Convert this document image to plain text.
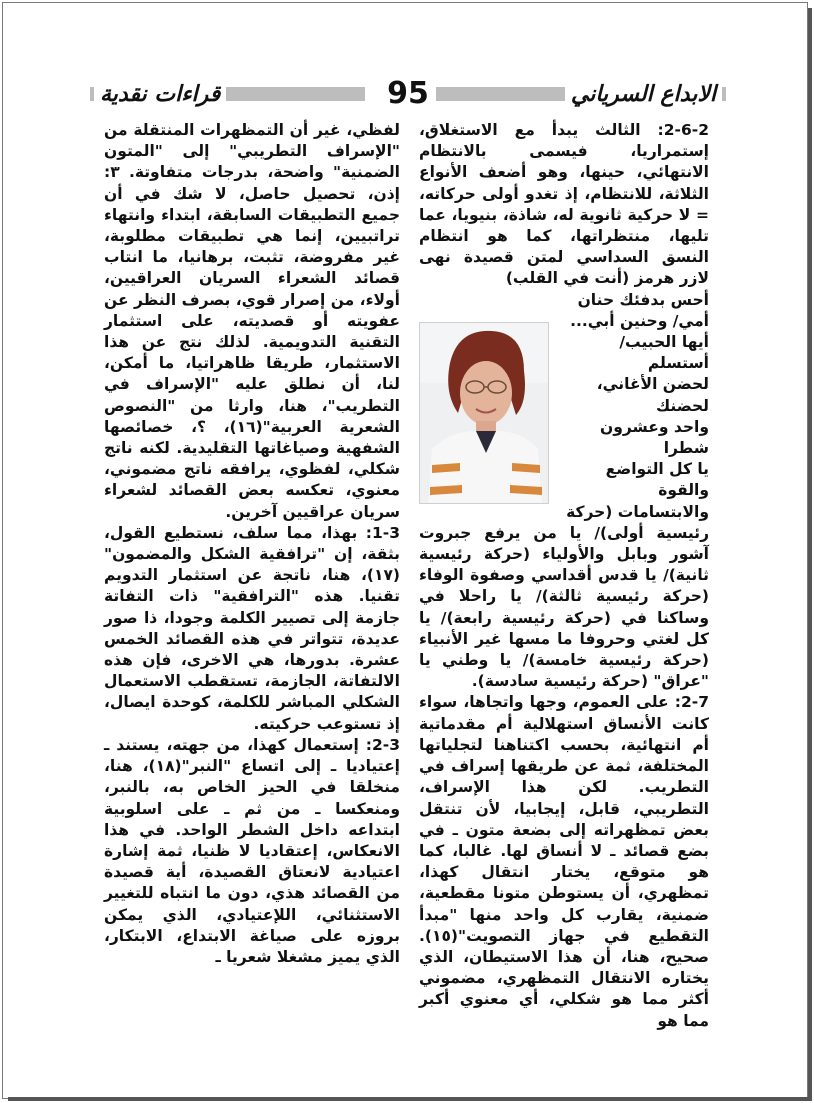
قراءات نقدية	الابداع السرياني
95

2-6-2: الثالث يبدأ مع الاستغلاق، إستمراريا، فيسمى بالانتظام الانتهائي، حينها، وهو أضعف الأنواع الثلاثة، للانتظام، إذ تغدو أولى حركاته، = لا حركية ثانوية له، شاذة، بنيويا، عما تليها، منتظراتها، كما هو انتظام النسق السداسي لمتن قصيدة نهى لازر هرمز (أنت في القلب)

أحس بدفئك حنان
أمي/ وحنين أبي...
أيها الحبيب/ أستسلم
لحضن الأغاني،
لحضنك
واحد وعشرون شطرا
يا كل التواضع والقوة
والابتسامات (حركة

رئيسية أولى)/ يا من يرفع جبروت آشور وبابل والأولياء (حركة رئيسية ثانية)/ يا قدس أقداسي وصفوة الوفاء (حركة رئيسية ثالثة)/ يا راحلا في وساكنا في (حركة رئيسية رابعة)/ يا كل لغتي وحروفا ما مسها غير الأنبياء (حركة رئيسية خامسة)/ يا وطني يا "عراق" (حركة رئيسية سادسة).

2-7: على العموم، وجها واتجاها، سواء كانت الأنساق استهلالية أم مقدماتية أم انتهائية، بحسب اكتناهنا لتجلياتها المختلفة، ثمة عن طريقها إسراف في التطريب. لكن هذا الإسراف، التطريبي، قابل، إيجابيا، لأن تنتقل بعض تمظهراته إلى بضعة متون ـ في بضع قصائد ـ لا أنساق لها. غالبا، كما هو متوقع، يختار انتقال كهذا، تمظهري، أن يستوطن متونا مقطعية، ضمنية، يقارب كل واحد منها "مبدأ التقطيع في جهاز التصويت"(١٥). صحيح، هنا، أن هذا الاستيطان، الذي يختاره الانتقال التمظهري، مضموني أكثر مما هو شكلي، أي معنوي أكبر مما هو

لفظي، غير أن التمظهرات المنتقلة من "الإسراف التطريبي" إلى "المتون الضمنية" واضحة، بدرجات متفاوتة. ٣: إذن، تحصيل حاصل، لا شك في أن جميع التطبيقات السابقة، ابتداء وانتهاء تراتبيين، إنما هي تطبيقات مطلوبة، غير مفروضة، تثبت، برهانيا، ما انتاب قصائد الشعراء السريان العراقيين، أولاء، من إصرار قوي، بصرف النظر عن عفويته أو قصديته، على استثمار التقنية التدويمية. لذلك نتج عن هذا الاستثمار، طريقا ظاهراتيا، ما أمكن، لنا، أن نطلق عليه "الإسراف في التطريب"، هنا، وارثا من "النصوص الشعرية العربية"(١٦)، ؟، خصائصها الشفهية وصياغاتها التقليدية. لكنه ناتج شكلي، لفظوي، يرافقه ناتج مضموني، معنوي، تعكسه بعض القصائد لشعراء سريان عراقيين آخرين.

1-3: بهذا، مما سلف، نستطيع القول، بثقة، إن "ترافقية الشكل والمضمون"(١٧)، هنا، ناتجة عن استثمار التدويم تقنيا. هذه "الترافقية" ذات التفاتة جازمة إلى تصيير الكلمة وجودا، ذا صور عديدة، تتواتر في هذه القصائد الخمس عشرة. بدورها، هي الاخرى، فإن هذه الالتفاتة، الجازمة، تستقطب الاستعمال الشكلي المباشر للكلمة، كوحدة ايصال، إذ تستوعب حركيته.

2-3: إستعمال كهذا، من جهته، يستند ـ إعتياديا ـ إلى اتساع "النبر"(١٨)، هنا، منخلقا في الحيز الخاص به، بالنبر، ومنعكسا ـ من ثم ـ على اسلوبية ابتداعه داخل الشطر الواحد. في هذا الانعكاس، إعتقاديا لا ظنيا، ثمة إشارة اعتيادية لانعتاق القصيدة، أية قصيدة من القصائد هذي، دون ما انتباه للتغيير الاستثنائي، اللإعتيادي، الذي يمكن بروزه على صياغة الابتداع، الابتكار، الذي يميز مشغلا شعريا ـ
